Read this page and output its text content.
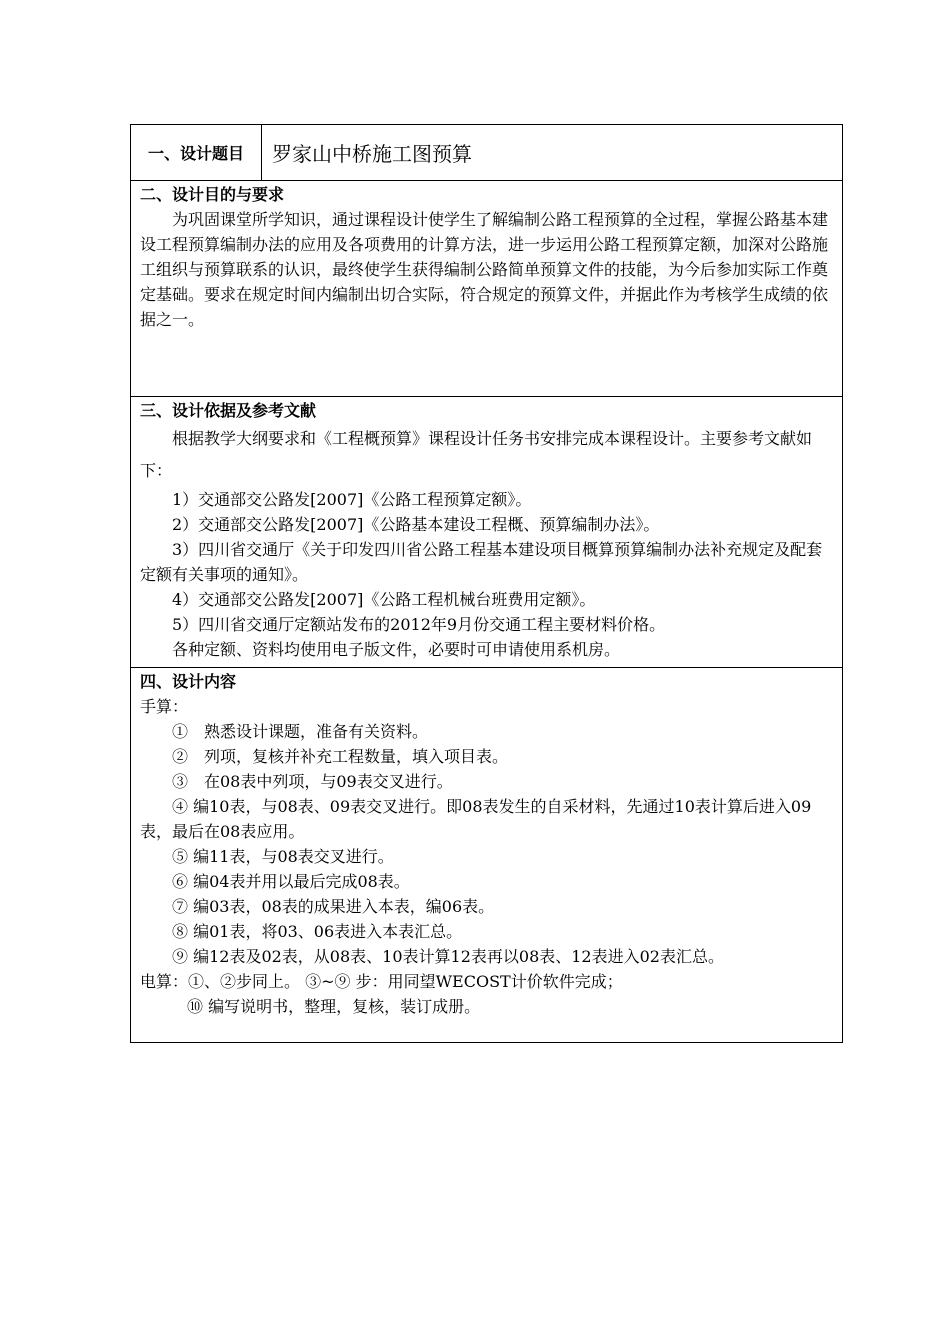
一、设计题目	罗家山中桥施工图预算
二、设计目的与要求

为巩固课堂所学知识，通过课程设计使学生了解编制公路工程预算的全过程，掌握公路基本建设工程预算编制办法的应用及各项费用的计算方法，进一步运用公路工程预算定额，加深对公路施工组织与预算联系的认识，最终使学生获得编制公路简单预算文件的技能，为今后参加实际工作奠定基础。要求在规定时间内编制出切合实际，符合规定的预算文件，并据此作为考核学生成绩的依据之一。

三、设计依据及参考文献

根据教学大纲要求和《工程概预算》课程设计任务书安排完成本课程设计。主要参考文献如下：

1）交通部交公路发[2007]《公路工程预算定额》。
2）交通部交公路发[2007]《公路基本建设工程概、预算编制办法》。

3）四川省交通厅《关于印发四川省公路工程基本建设项目概算预算编制办法补充规定及配套定额有关事项的通知》。

4）交通部交公路发[2007]《公路工程机械台班费用定额》。
5）四川省交通厅定额站发布的2012年9月份交通工程主要材料价格。
各种定额、资料均使用电子版文件，必要时可申请使用系机房。
四、设计内容
手算：
①　熟悉设计课题，准备有关资料。
②　列项，复核并补充工程数量，填入项目表。
③　在08表中列项，与09表交叉进行。

④ 编10表，与08表、09表交叉进行。即08表发生的自采材料，先通过10表计算后进入09表，最后在08表应用。

⑤ 编11表，与08表交叉进行。
⑥ 编04表并用以最后完成08表。
⑦ 编03表，08表的成果进入本表，编06表。
⑧ 编01表，将03、06表进入本表汇总。

⑨ 编12表及02表，从08表、10表计算12表再以08表、12表进入02表汇总。

电算：①、②步同上。 ③~⑨ 步：用同望WECOST计价软件完成；
⑩ 编写说明书，整理，复核，装订成册。
